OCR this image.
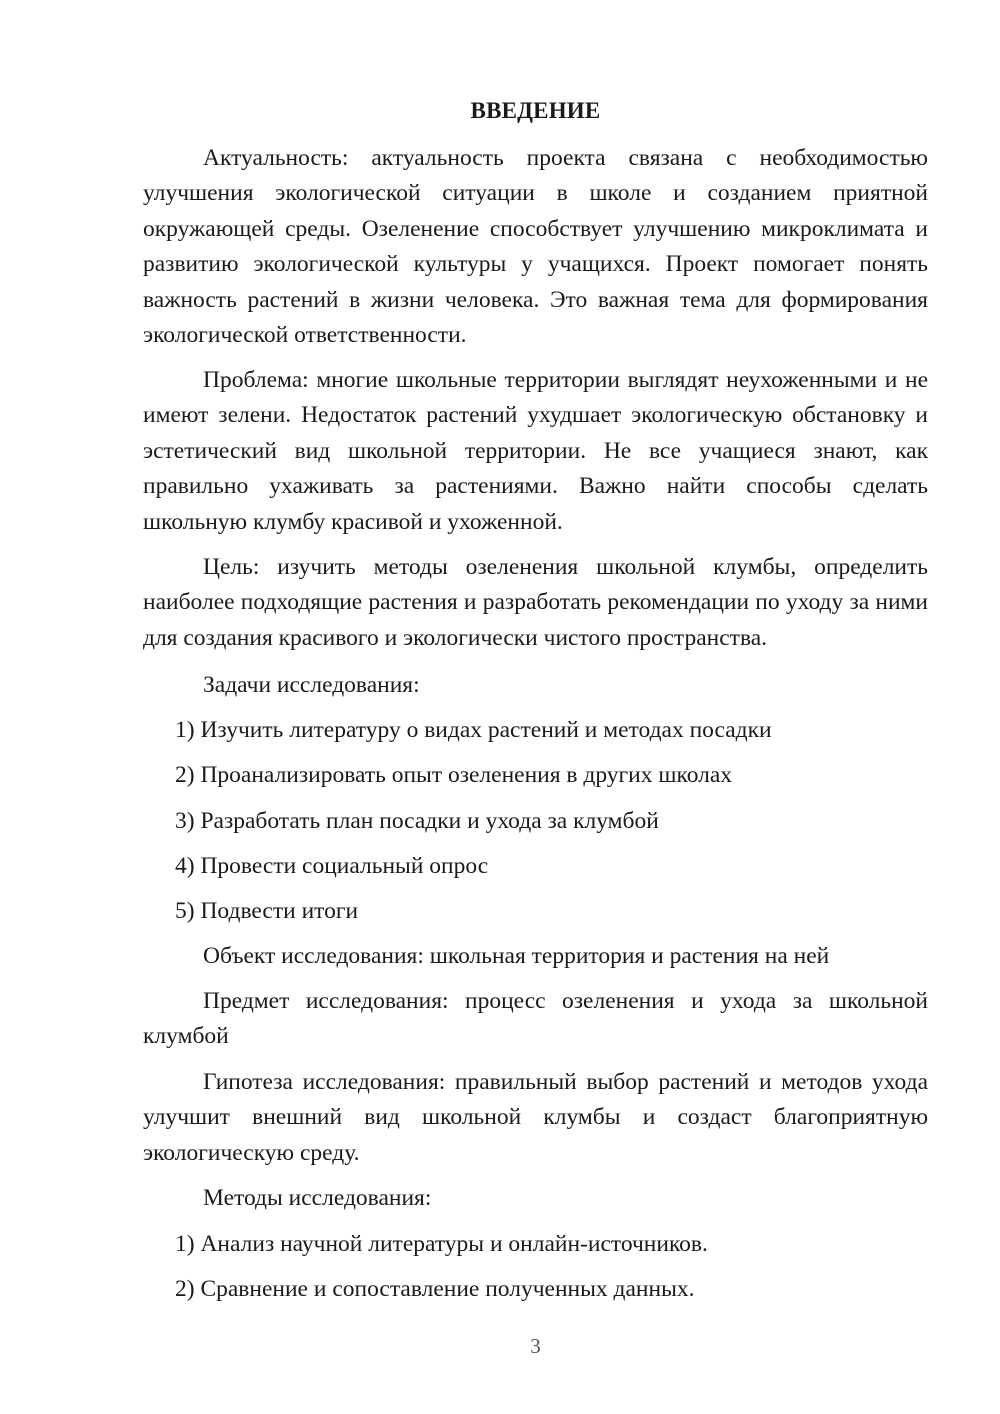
ВВЕДЕНИЕ

Актуальность: актуальность проекта связана с необходимостью улучшения экологической ситуации в школе и созданием приятной окружающей среды. Озеленение способствует улучшению микроклимата и развитию экологической культуры у учащихся. Проект помогает понять важность растений в жизни человека. Это важная тема для формирования экологической ответственности.

Проблема: многие школьные территории выглядят неухоженными и не имеют зелени. Недостаток растений ухудшает экологическую обстановку и эстетический вид школьной территории. Не все учащиеся знают, как правильно ухаживать за растениями. Важно найти способы сделать школьную клумбу красивой и ухоженной.

Цель: изучить методы озеленения школьной клумбы, определить наиболее подходящие растения и разработать рекомендации по уходу за ними для создания красивого и экологически чистого пространства.

Задачи исследования:
1) Изучить литературу о видах растений и методах посадки
2) Проанализировать опыт озеленения в других школах
3) Разработать план посадки и ухода за клумбой
4) Провести социальный опрос
5) Подвести итоги
Объект исследования: школьная территория и растения на ней

Предмет исследования: процесс озеленения и ухода за школьной клумбой

Гипотеза исследования: правильный выбор растений и методов ухода улучшит внешний вид школьной клумбы и создаст благоприятную экологическую среду.

Методы исследования:
1) Анализ научной литературы и онлайн-источников.
2) Сравнение и сопоставление полученных данных.
3
